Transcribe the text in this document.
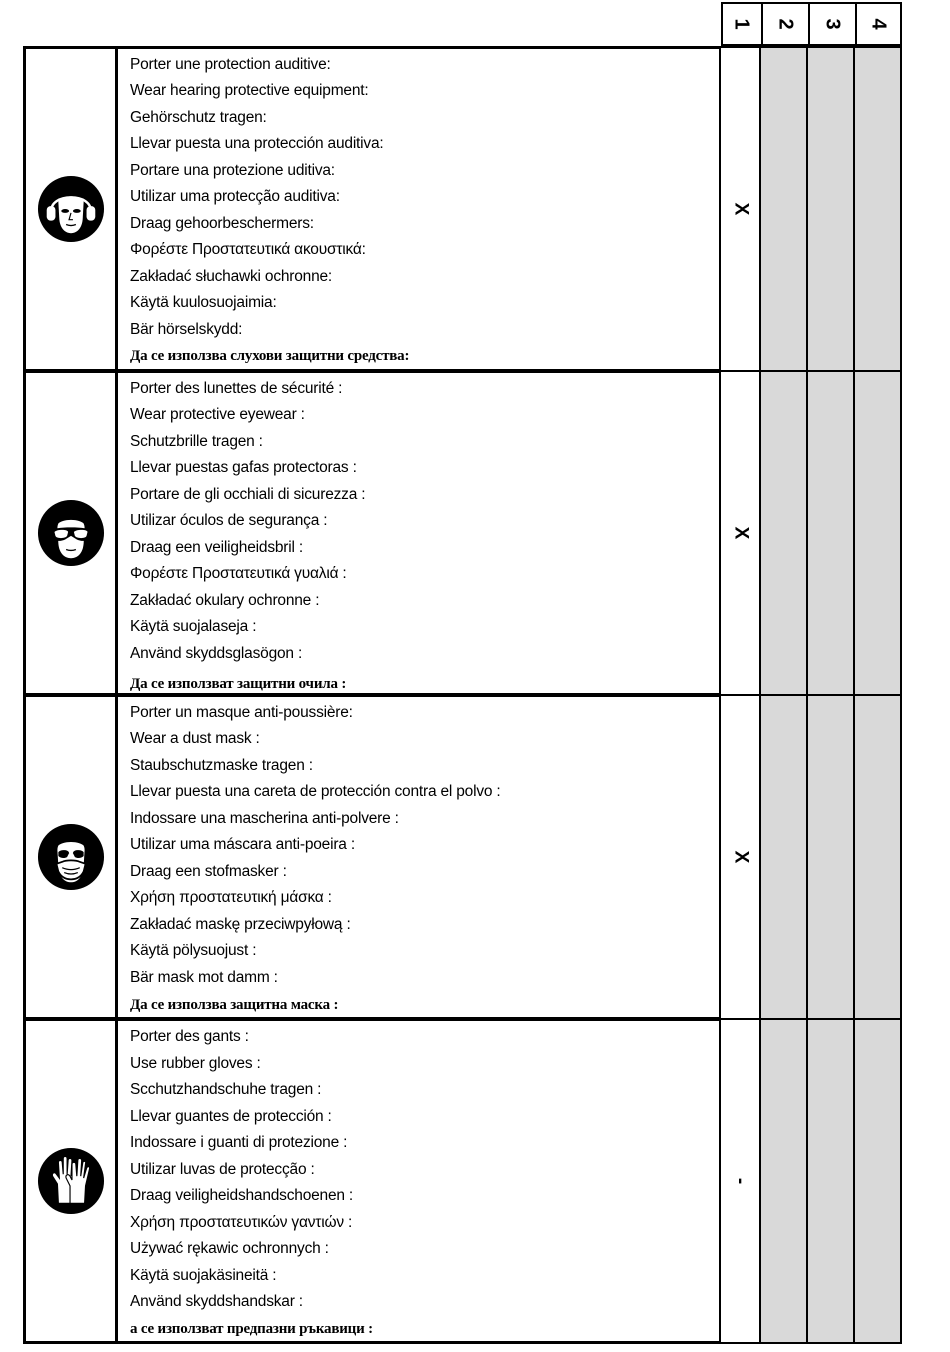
1 2 3 4
Porter une protection auditive:
Wear hearing protective equipment:
Gehörschutz tragen:
Llevar puesta una protección auditiva:
Portare una protezione uditiva:
Utilizar uma protecção auditiva:
Draag gehoorbeschermers:
Φορέστε Προστατευτικά ακουστικά:
Zakładać słuchawki ochronne:
Käytä kuulosuojaimia:
Bär hörselskydd:
Да се използва слухови защитни средства:
X
Porter des lunettes de sécurité :
Wear protective eyewear :
Schutzbrille tragen :
Llevar puestas gafas protectoras :
Portare de gli occhiali di sicurezza :
Utilizar óculos de segurança :
Draag een veiligheidsbril :
Φορέστε Προστατευτικά γυαλιά :
Zakładać okulary ochronne :
Käytä suojalaseja :
Använd skyddsglasögon :
Да се използват защитни очила :
X
Porter un masque anti-poussière:
Wear a dust mask :
Staubschutzmaske tragen :
Llevar puesta una careta de protección contra el polvo :
Indossare una mascherina anti-polvere :
Utilizar uma máscara anti-poeira :
Draag een stofmasker :
Χρήση προστατευτική μάσκα :
Zakładać maskę przeciwpyłową :
Käytä pölysuojust :
Bär mask mot damm :
Да се използва защитна маска :
X
Porter des gants :
Use rubber gloves :
Scchutzhandschuhe tragen :
Llevar guantes de protección :
Indossare i guanti di protezione :
Utilizar luvas de protecção :
Draag veiligheidshandschoenen :
Χρήση προστατευτικών γαντιών :
Używać rękawic ochronnych :
Käytä suojakäsineitä :
Använd skyddshandskar :
а се използват предпазни ръкавици :
-
